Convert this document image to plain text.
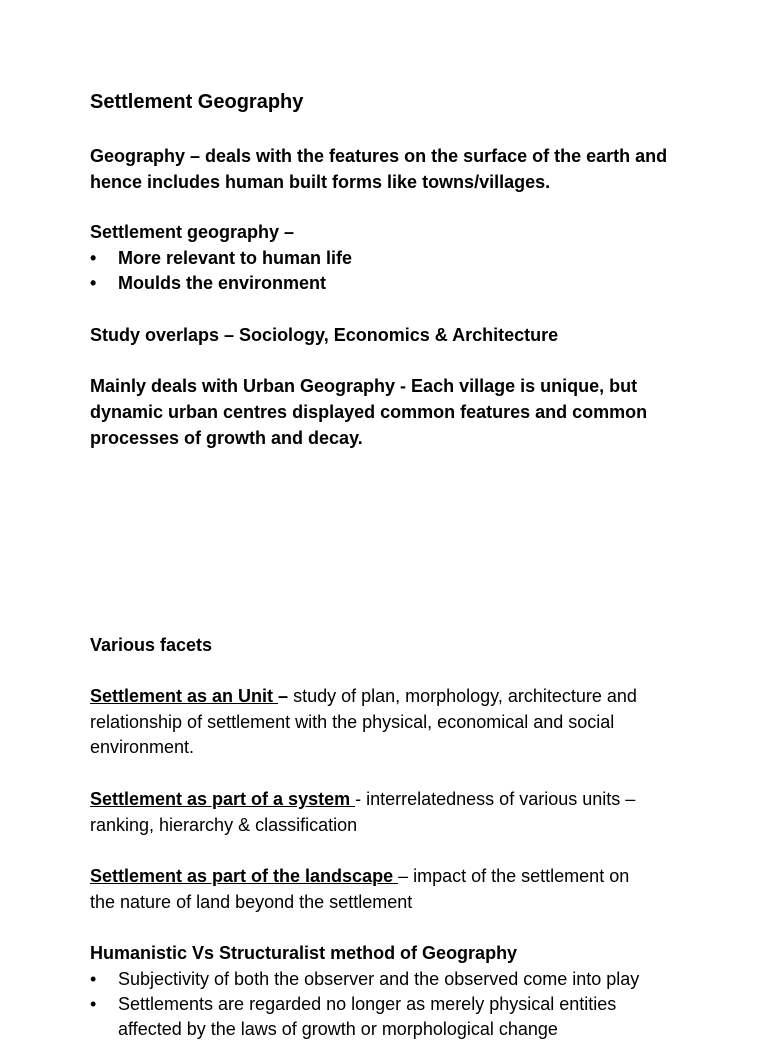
Settlement Geography

Geography – deals with the features on the surface of the earth and

hence includes human built forms like towns/villages.

Settlement geography –

• More relevant to human life

• Moulds the environment

Study overlaps – Sociology, Economics & Architecture

Mainly deals with Urban Geography - Each village is unique, but

dynamic urban centres displayed common features and common

processes of growth and decay.

Various facets

Settlement as an Unit – study of plan, morphology, architecture and

relationship of settlement with the physical, economical and social

environment.

Settlement as part of a system - interrelatedness of various units –

ranking, hierarchy & classification

Settlement as part of the landscape – impact of the settlement on

the nature of land beyond the settlement

Humanistic Vs Structuralist method of Geography

• Subjectivity of both the observer and the observed come into play

• Settlements are regarded no longer as merely physical entities

affected by the laws of growth or morphological change
